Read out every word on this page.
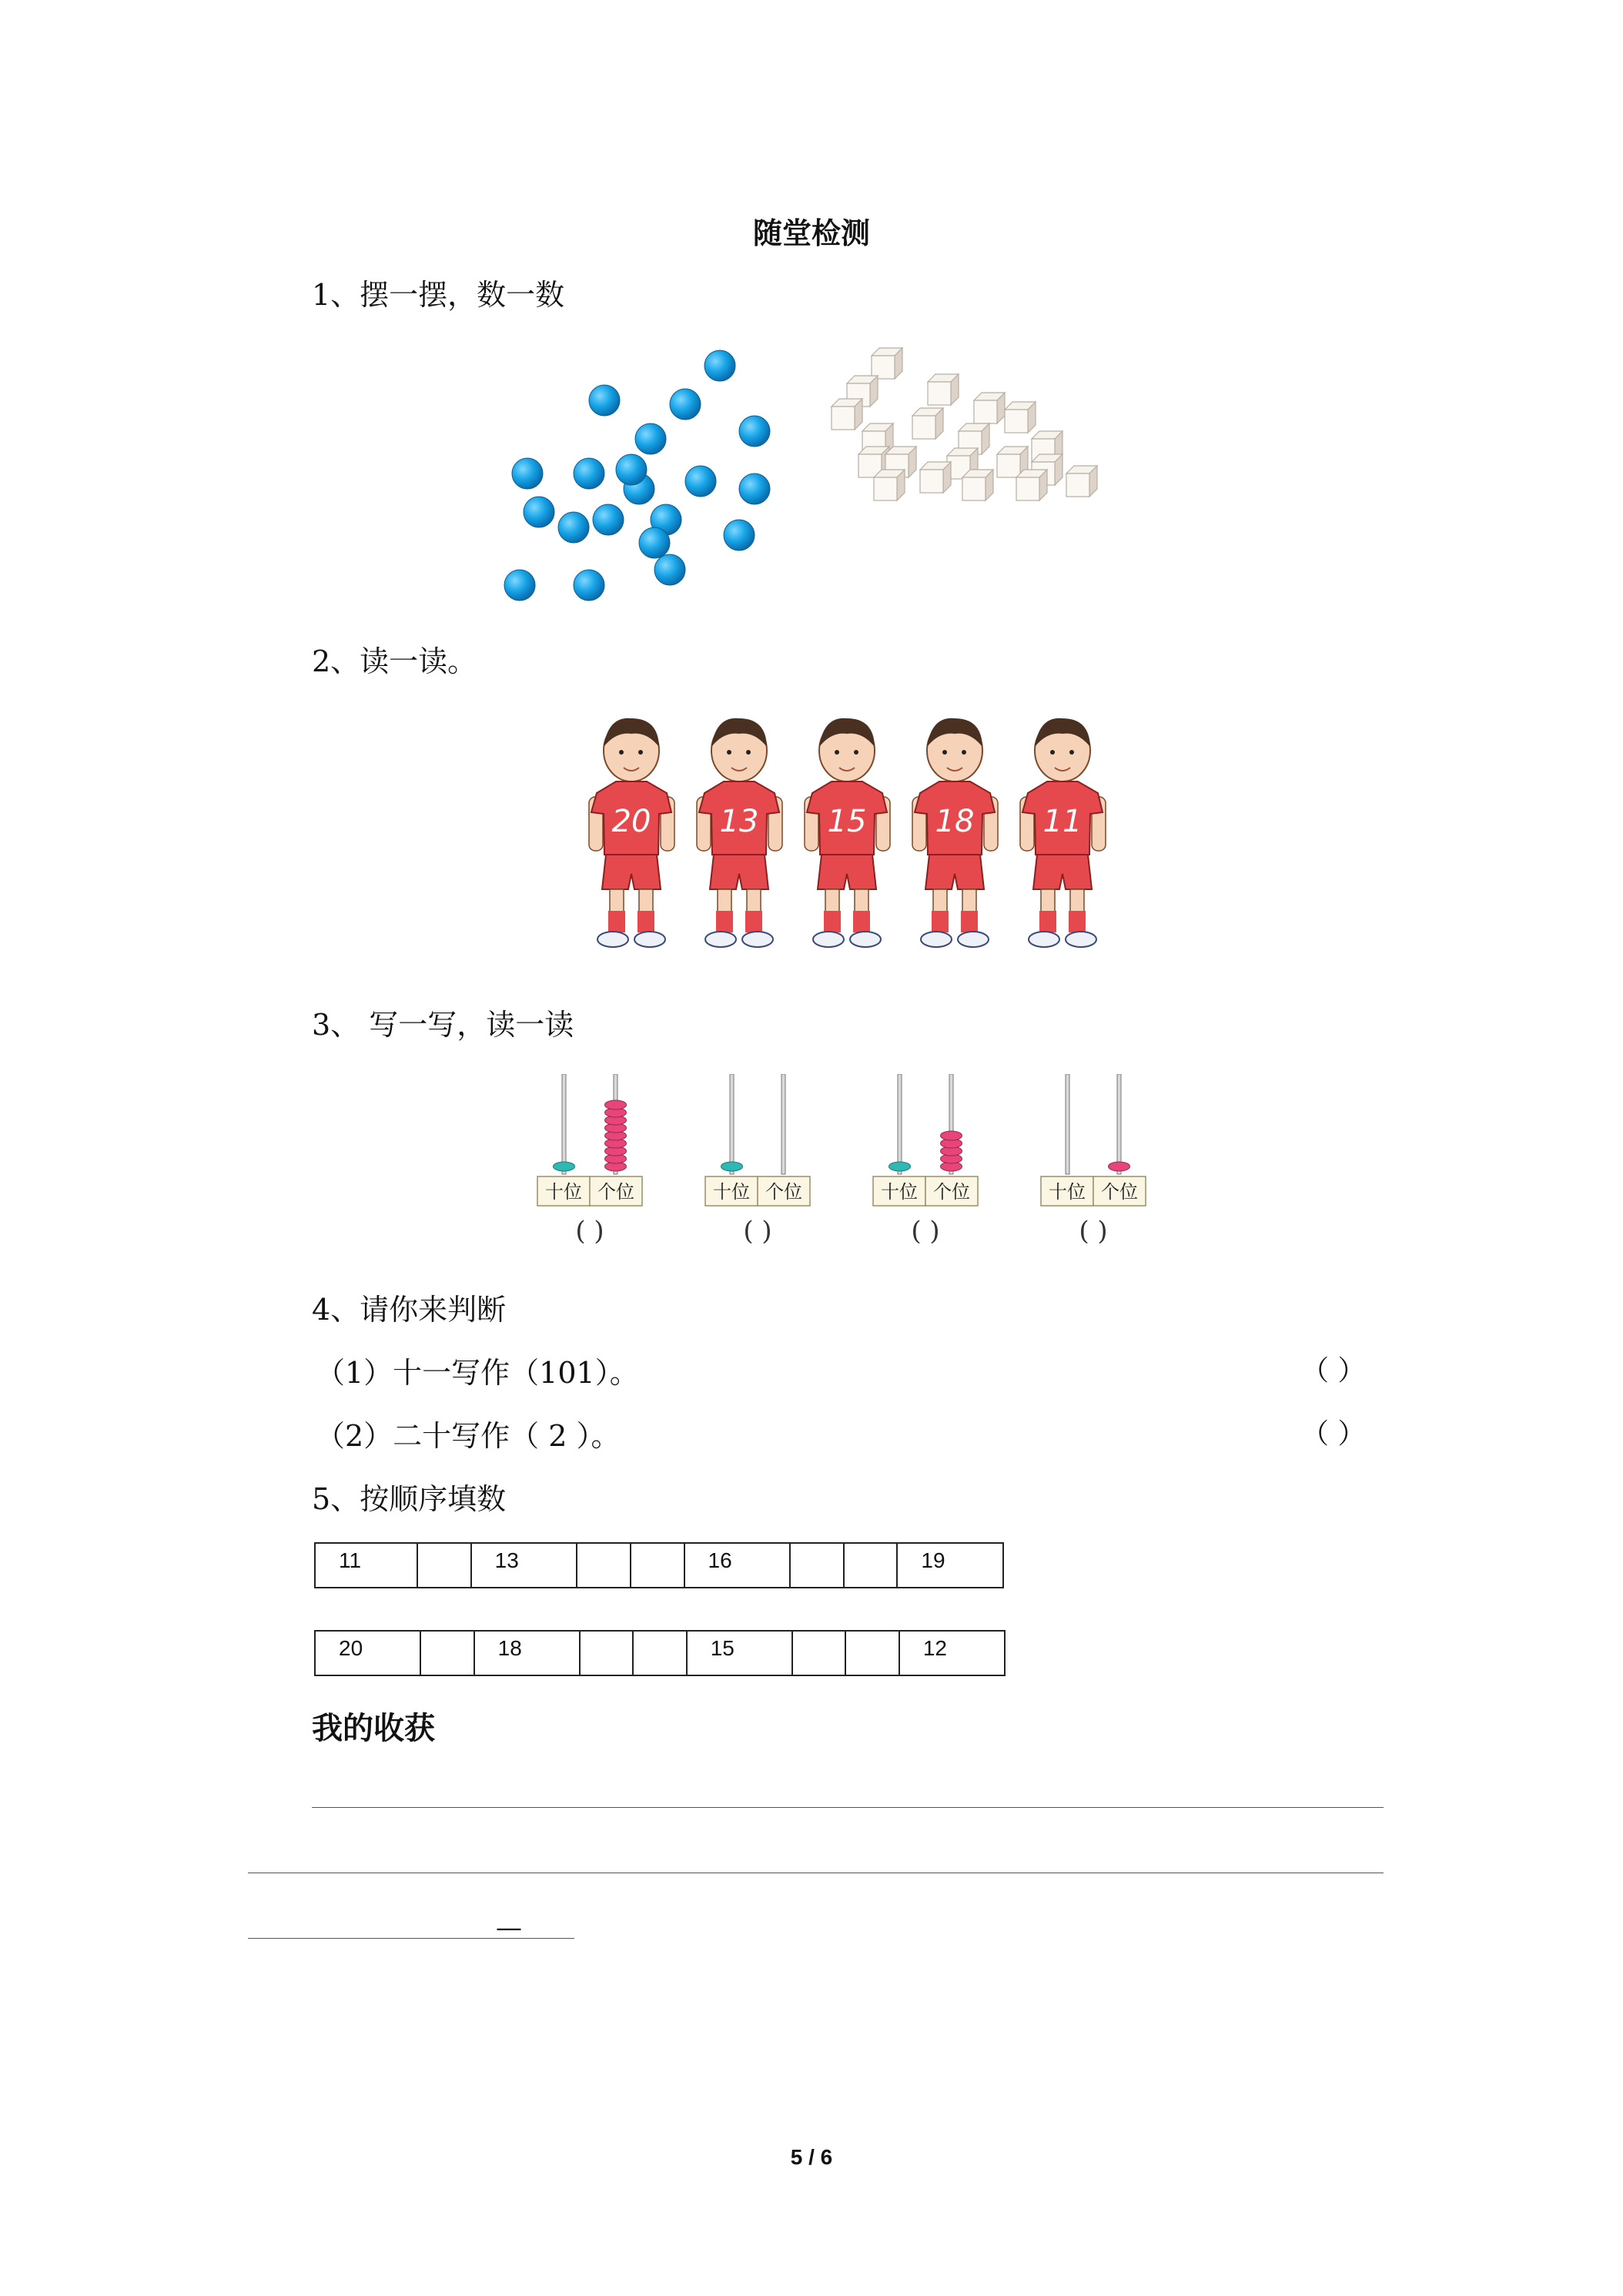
随堂检测
1、摆一摆，数一数
2、读一读。
20 13 15 18 11
3、 写一写，读一读
十位 个位
( )
十位 个位
( )
十位 个位
( )
十位 个位
( )
4、请你来判断
（1）十一写作（101）。	（ ）
（2）二十写作（ 2 ）。	（ ）
5、按顺序填数
11		13			16			19
20		18			15			12
我的收获
—
5 / 6
